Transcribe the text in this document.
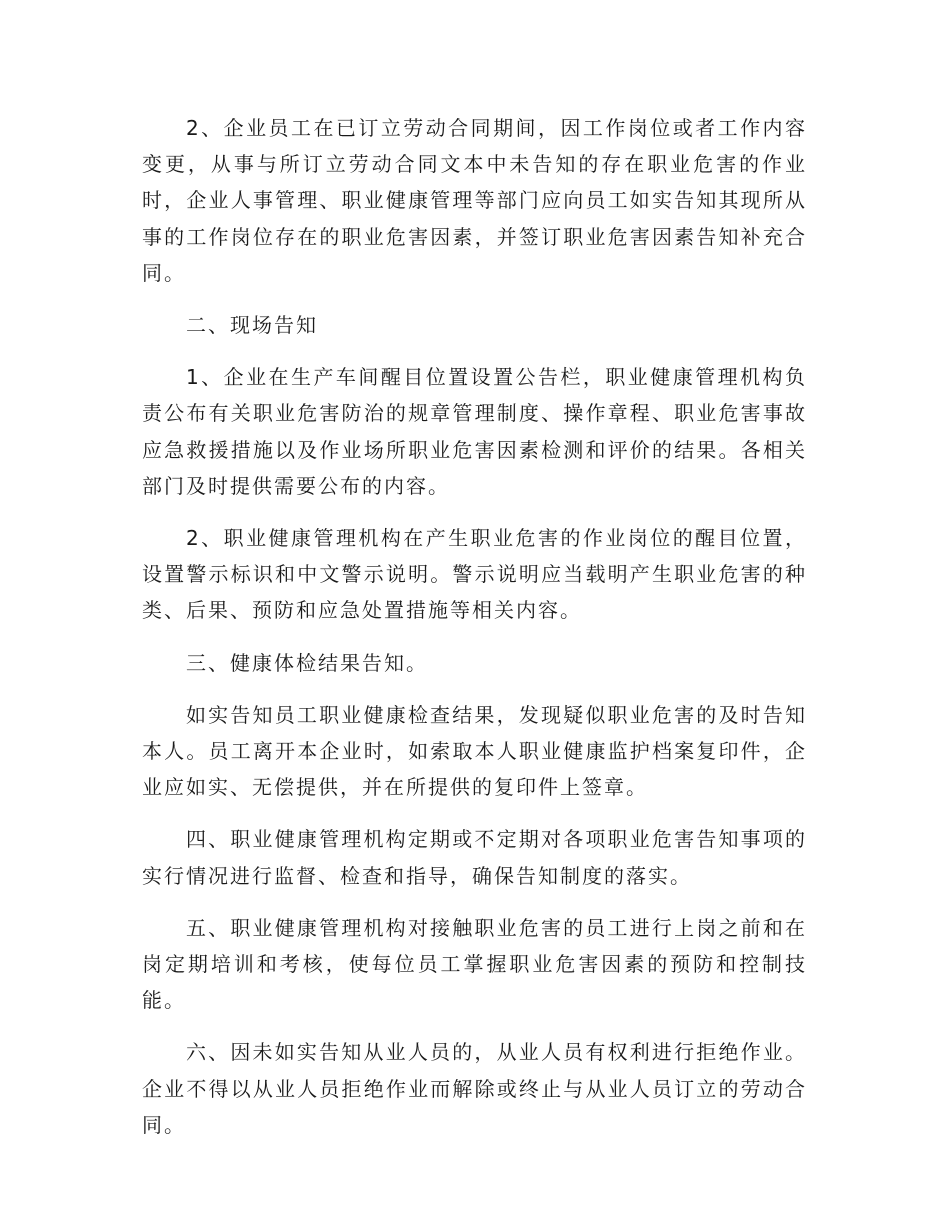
2、企业员工在已订立劳动合同期间，因工作岗位或者工作内容变更，从事与所订立劳动合同文本中未告知的存在职业危害的作业时，企业人事管理、职业健康管理等部门应向员工如实告知其现所从事的工作岗位存在的职业危害因素，并签订职业危害因素告知补充合同。

二、现场告知

1、企业在生产车间醒目位置设置公告栏，职业健康管理机构负责公布有关职业危害防治的规章管理制度、操作章程、职业危害事故应急救援措施以及作业场所职业危害因素检测和评价的结果。各相关部门及时提供需要公布的内容。

2、职业健康管理机构在产生职业危害的作业岗位的醒目位置，设置警示标识和中文警示说明。警示说明应当载明产生职业危害的种类、后果、预防和应急处置措施等相关内容。

三、健康体检结果告知。

如实告知员工职业健康检查结果，发现疑似职业危害的及时告知本人。员工离开本企业时，如索取本人职业健康监护档案复印件，企业应如实、无偿提供，并在所提供的复印件上签章。

四、职业健康管理机构定期或不定期对各项职业危害告知事项的实行情况进行监督、检查和指导，确保告知制度的落实。

五、职业健康管理机构对接触职业危害的员工进行上岗之前和在岗定期培训和考核，使每位员工掌握职业危害因素的预防和控制技能。

六、因未如实告知从业人员的，从业人员有权利进行拒绝作业。企业不得以从业人员拒绝作业而解除或终止与从业人员订立的劳动合同。
